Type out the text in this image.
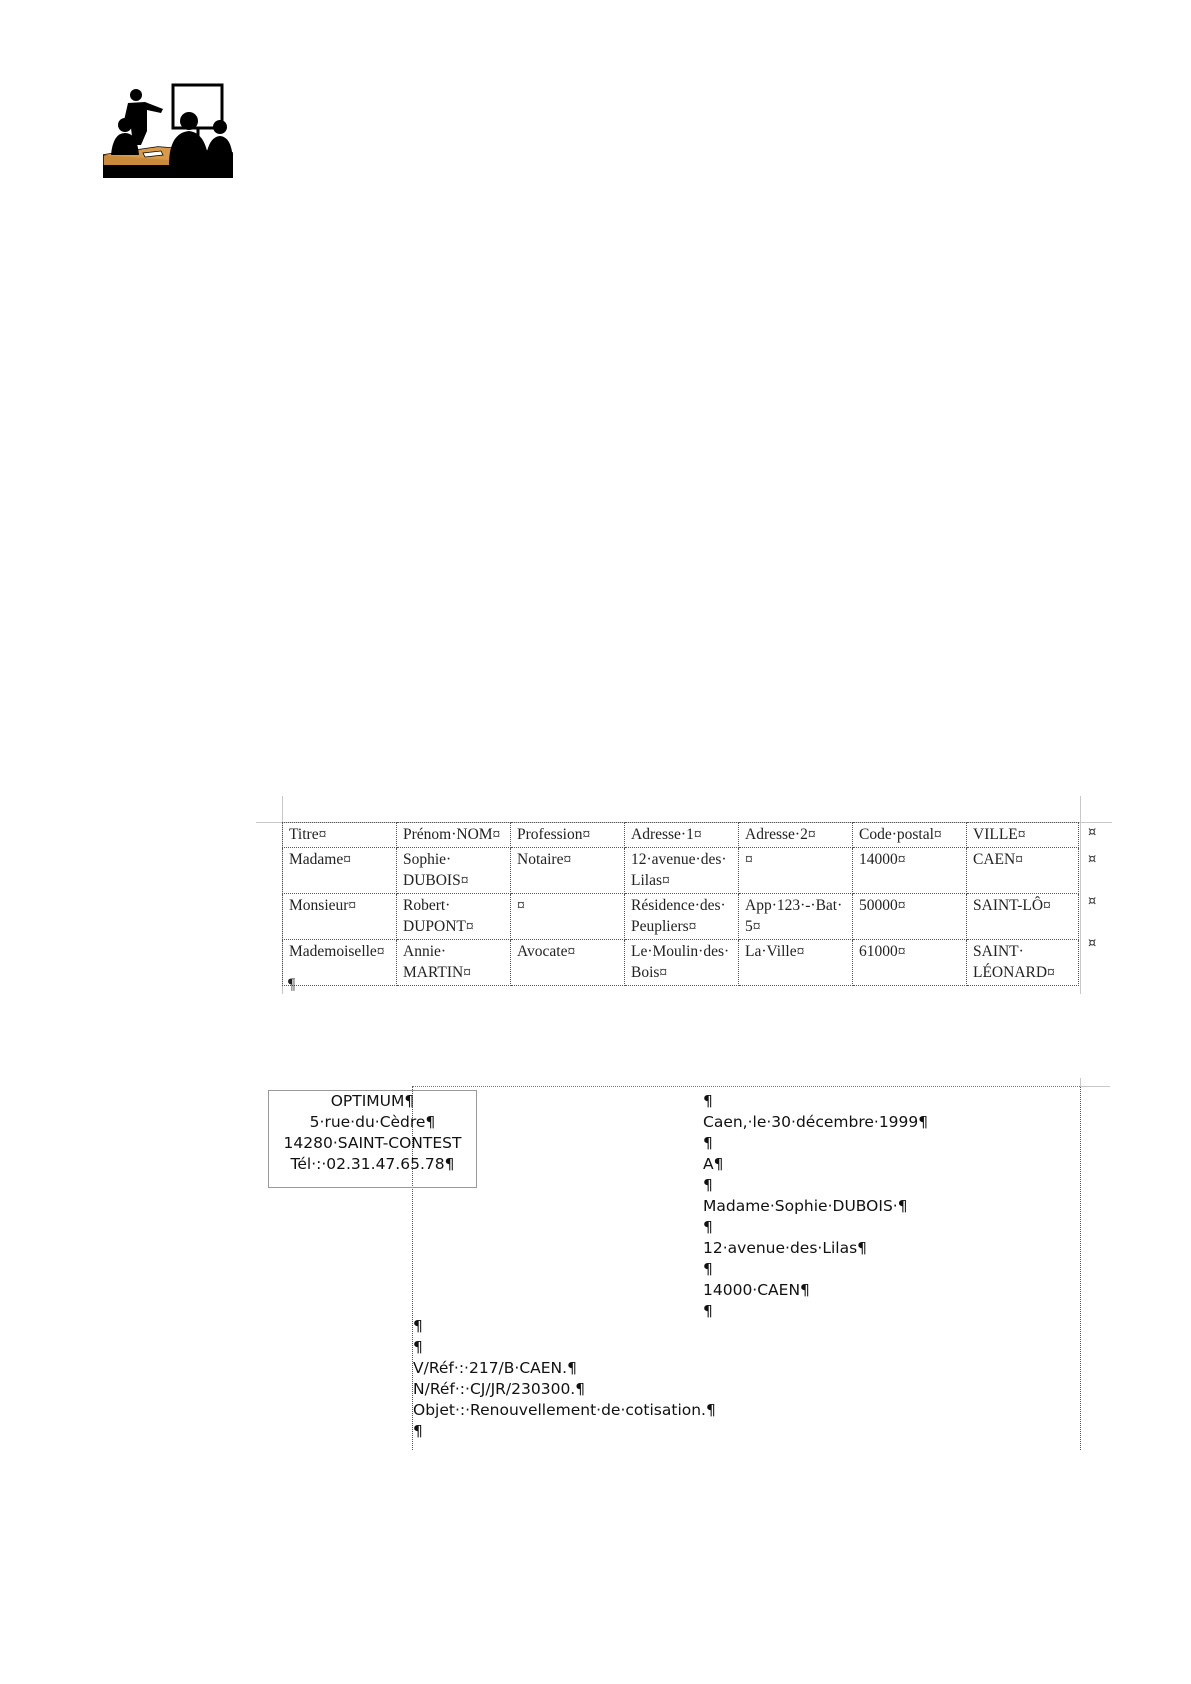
Titre¤	Prénom·NOM¤	Profession¤	Adresse·1¤	Adresse·2¤	Code·postal¤	VILLE¤
Madame¤	Sophie· DUBOIS¤	Notaire¤	12·avenue·des· Lilas¤	¤	14000¤	CAEN¤
Monsieur¤	Robert· DUPONT¤	¤	Résidence·des· Peupliers¤	App·123·-·Bat· 5¤	50000¤	SAINT-LÔ¤
Mademoiselle¤	Annie· MARTIN¤	Avocate¤	Le·Moulin·des· Bois¤	La·Ville¤	61000¤	SAINT· LÉONARD¤
¤
¤
¤
¤
¶
OPTIMUM¶
5·rue·du·Cèdre¶
14280·SAINT-CONTEST
Tél·:·02.31.47.65.78¶
¶
Caen,·le·30·décembre·1999¶
¶
A¶
¶
Madame·Sophie·DUBOIS·¶
¶
12·avenue·des·Lilas¶
¶
14000·CAEN¶
¶
¶
¶
V/Réf·:·217/B·CAEN.¶
N/Réf·:·CJ/JR/230300.¶
Objet·:·Renouvellement·de·cotisation.¶
¶
